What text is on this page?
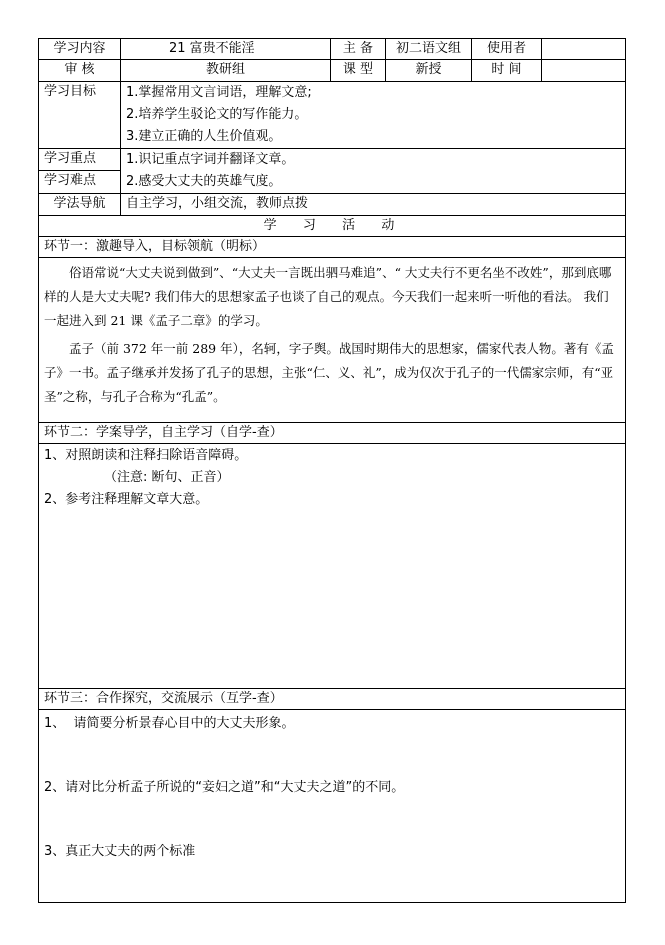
学习内容	21 富贵不能淫	主 备	初二语文组	使用者	
审 核	教研组	课 型	新授	时 间	
学习目标	1.掌握常用文言词语，理解文意;
2.培养学生驳论文的写作能力。
3.建立正确的人生价值观。				

学习重点	1.识记重点字词并翻译文章。
2.感受大丈夫的英雄气度。				

学习难点					
学法导航	自主学习，小组交流，教师点拨				
学  习  活  动					
环节一：激趣导入，目标领航（明标）					

俗语常说“大丈夫说到做到”、“大丈夫一言既出驷马难追”、“ 大丈夫行不更名坐不改姓”，那到底哪样的人是大丈夫呢? 我们伟大的思想家孟子也谈了自己的观点。今天我们一起来听一听他的看法。 我们一起进入到 21 课《孟子二章》的学习。

孟子（前 372 年一前 289 年），名轲，字子舆。战国时期伟大的思想家，儒家代表人物。著有《孟子》一书。孟子继承并发扬了孔子的思想，主张“仁、义、礼”，成为仅次于孔子的一代儒家宗师，有“亚圣”之称，与孔子合称为“孔孟”。					

环节二：学案导学，自主学习（自学-查）					

1、对照朗读和注释扫除语音障碍。
（注意: 断句、正音）
2、参考注释理解文章大意。					

环节三：合作探究，交流展示（互学-查）					

1、  请简要分析景春心目中的大丈夫形象。
2、请对比分析孟子所说的“妾妇之道”和“大丈夫之道”的不同。
3、真正大丈夫的两个标准					
